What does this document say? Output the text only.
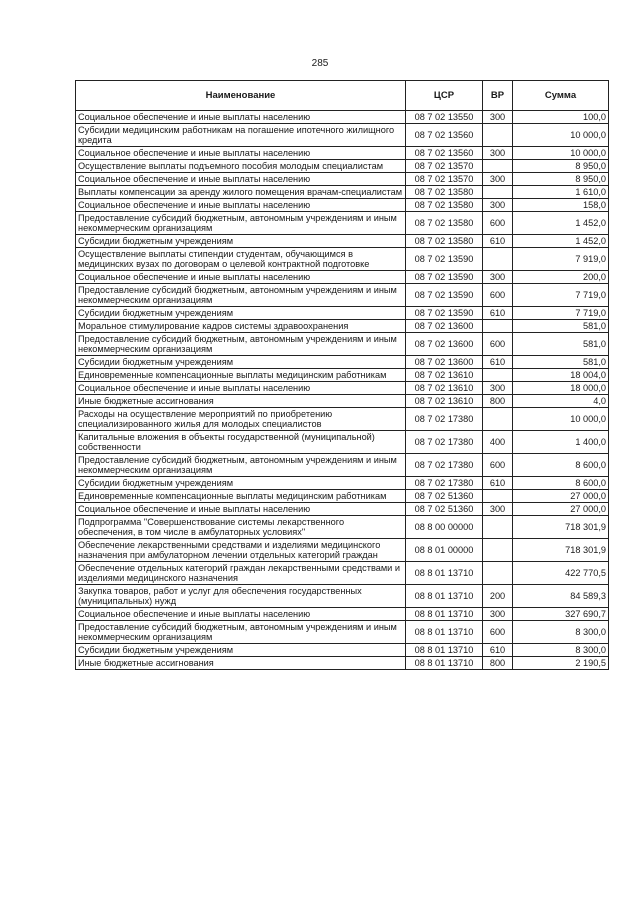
285
Наименование	ЦСР	ВР	Сумма
Социальное обеспечение и иные выплаты населению	08 7 02 13550	300	100,0
Субсидии медицинским работникам на погашение ипотечного жилищного кредита	08 7 02 13560		10 000,0
Социальное обеспечение и иные выплаты населению	08 7 02 13560	300	10 000,0
Осуществление выплаты подъемного пособия молодым специалистам	08 7 02 13570		8 950,0
Социальное обеспечение и иные выплаты населению	08 7 02 13570	300	8 950,0
Выплаты компенсации за аренду жилого помещения врачам-специалистам	08 7 02 13580		1 610,0
Социальное обеспечение и иные выплаты населению	08 7 02 13580	300	158,0
Предоставление субсидий бюджетным, автономным учреждениям и иным некоммерческим организациям	08 7 02 13580	600	1 452,0
Субсидии бюджетным учреждениям	08 7 02 13580	610	1 452,0
Осуществление выплаты стипендии студентам, обучающимся в медицинских вузах по договорам о целевой контрактной подготовке	08 7 02 13590		7 919,0
Социальное обеспечение и иные выплаты населению	08 7 02 13590	300	200,0
Предоставление субсидий бюджетным, автономным учреждениям и иным некоммерческим организациям	08 7 02 13590	600	7 719,0
Субсидии бюджетным учреждениям	08 7 02 13590	610	7 719,0
Моральное стимулирование кадров системы здравоохранения	08 7 02 13600		581,0
Предоставление субсидий бюджетным, автономным учреждениям и иным некоммерческим организациям	08 7 02 13600	600	581,0
Субсидии бюджетным учреждениям	08 7 02 13600	610	581,0
Единовременные компенсационные выплаты медицинским работникам	08 7 02 13610		18 004,0
Социальное обеспечение и иные выплаты населению	08 7 02 13610	300	18 000,0
Иные бюджетные ассигнования	08 7 02 13610	800	4,0
Расходы на осуществление мероприятий по приобретению специализированного жилья для молодых специалистов	08 7 02 17380		10 000,0
Капитальные вложения в объекты государственной (муниципальной) собственности	08 7 02 17380	400	1 400,0
Предоставление субсидий бюджетным, автономным учреждениям и иным некоммерческим организациям	08 7 02 17380	600	8 600,0
Субсидии бюджетным учреждениям	08 7 02 17380	610	8 600,0
Единовременные компенсационные выплаты медицинским работникам	08 7 02 51360		27 000,0
Социальное обеспечение и иные выплаты населению	08 7 02 51360	300	27 000,0
Подпрограмма "Совершенствование системы лекарственного обеспечения, в том числе в амбулаторных условиях"	08 8 00 00000		718 301,9
Обеспечение лекарственными средствами и изделиями медицинского назначения при амбулаторном лечении отдельных категорий граждан	08 8 01 00000		718 301,9
Обеспечение отдельных категорий граждан лекарственными средствами и изделиями медицинского назначения	08 8 01 13710		422 770,5
Закупка товаров, работ и услуг для обеспечения государственных (муниципальных) нужд	08 8 01 13710	200	84 589,3
Социальное обеспечение и иные выплаты населению	08 8 01 13710	300	327 690,7
Предоставление субсидий бюджетным, автономным учреждениям и иным некоммерческим организациям	08 8 01 13710	600	8 300,0
Субсидии бюджетным учреждениям	08 8 01 13710	610	8 300,0
Иные бюджетные ассигнования	08 8 01 13710	800	2 190,5
